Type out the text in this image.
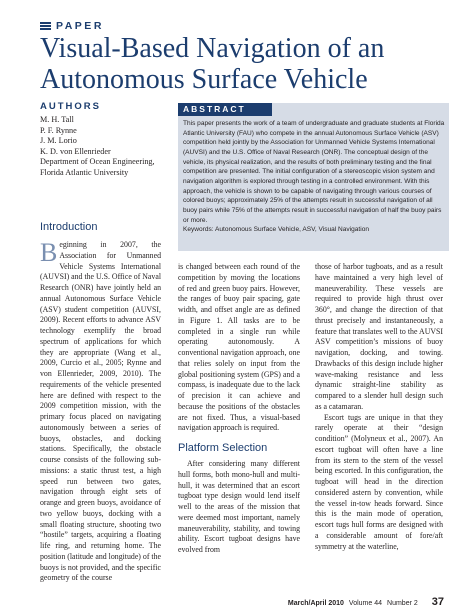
PAPER
Visual-Based Navigation of an Autonomous Surface Vehicle
AUTHORS
M. H. Tall
P. F. Rynne
J. M. Lorio
K. D. von Ellenrieder
Department of Ocean Engineering,
Florida Atlantic University
ABSTRACT
This paper presents the work of a team of undergraduate and graduate students at Florida Atlantic University (FAU) who compete in the annual Autonomous Surface Vehicle (ASV) competition held jointly by the Association for Unmanned Vehicle Systems International (AUVSI) and the U.S. Office of Naval Research (ONR). The conceptual design of the vehicle, its physical realization, and the results of both preliminary testing and the final competition are presented. The initial configuration of a stereoscopic vision system and navigation algorithm is explored through testing in a controlled environment. With this approach, the vehicle is shown to be capable of navigating through various courses of colored buoys; approximately 25% of the attempts result in successful navigation of all buoy pairs while 75% of the attempts result in successful navigation of half the buoy pairs or more.
Keywords: Autonomous Surface Vehicle, ASV, Visual Navigation
Introduction

Beginning in 2007, the Association for Unmanned Vehicle Systems International (AUVSI) and the U.S. Office of Naval Research (ONR) have jointly held an annual Autonomous Surface Vehicle (ASV) student competition (AUVSI, 2009). Recent efforts to advance ASV technology exemplify the broad spectrum of applications for which they are appropriate (Wang et al., 2009, Curcio et al., 2005; Rynne and von Ellenrieder, 2009, 2010). The requirements of the vehicle presented here are defined with respect to the 2009 competition mission, with the primary focus placed on navigating autonomously between a series of buoys, obstacles, and docking stations. Specifically, the obstacle course consists of the following sub-missions: a static thrust test, a high speed run between two gates, navigation through eight sets of orange and green buoys, avoidance of two yellow buoys, docking with a small floating structure, shooting two “hostile” targets, acquiring a floating life ring, and returning home. The position (latitude and longitude) of the buoys is not provided, and the specific geometry of the course

is changed between each round of the competition by moving the locations of red and green buoy pairs. However, the ranges of buoy pair spacing, gate width, and offset angle are as defined in Figure 1. All tasks are to be completed in a single run while operating autonomously. A conventional navigation approach, one that relies solely on input from the global positioning system (GPS) and a compass, is inadequate due to the lack of precision it can achieve and because the positions of the obstacles are not fixed. Thus, a visual-based navigation approach is required.

Platform Selection

After considering many different hull forms, both mono-hull and multi-hull, it was determined that an escort tugboat type design would lend itself well to the areas of the mission that were deemed most important, namely maneuverability, stability, and towing ability. Escort tugboat designs have evolved from

those of harbor tugboats, and as a result have maintained a very high level of maneuverability. These vessels are required to provide high thrust over 360°, and change the direction of that thrust precisely and instantaneously, a feature that translates well to the AUVSI ASV competition’s missions of buoy navigation, docking, and towing. Drawbacks of this design include higher wave-making resistance and less dynamic straight-line stability as compared to a slender hull design such as a catamaran.

Escort tugs are unique in that they rarely operate at their “design condition” (Molyneux et al., 2007). An escort tugboat will often have a line from its stern to the stern of the vessel being escorted. In this configuration, the tugboat will head in the direction considered astern by convention, while the vessel in-tow heads forward. Since this is the main mode of operation, escort tugs hull forms are designed with a considerable amount of fore/aft symmetry at the waterline,

March/April 2010 Volume 44 Number 2 37
